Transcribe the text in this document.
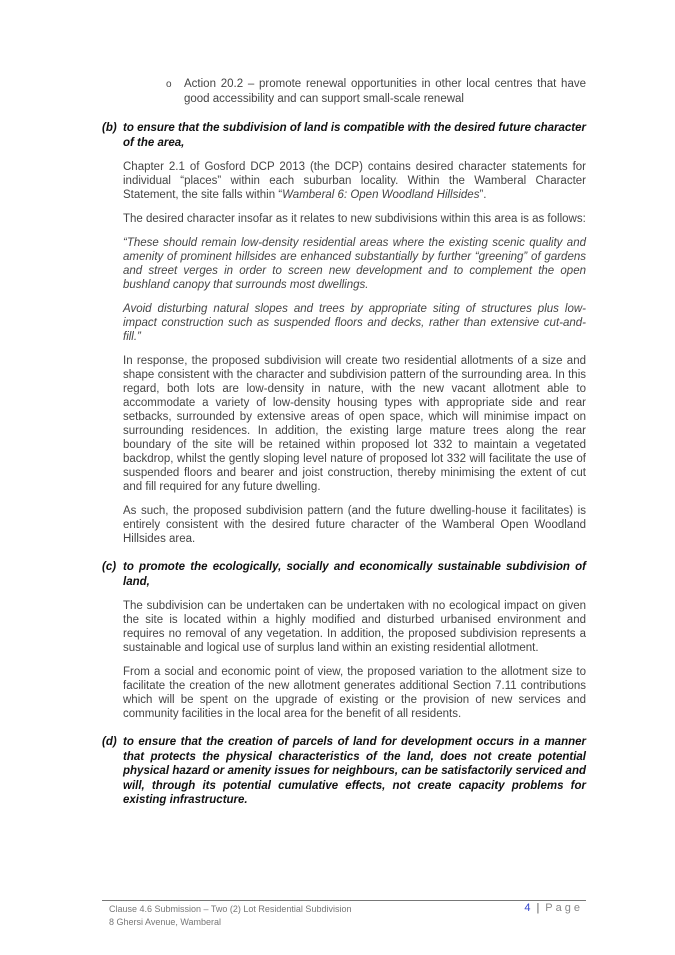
o	Action 20.2 – promote renewal opportunities in other local centres that have good accessibility and can support small-scale renewal
(b) to ensure that the subdivision of land is compatible with the desired future character of the area,

Chapter 2.1 of Gosford DCP 2013 (the DCP) contains desired character statements for individual “places” within each suburban locality. Within the Wamberal Character Statement, the site falls within “Wamberal 6: Open Woodland Hillsides”.

The desired character insofar as it relates to new subdivisions within this area is as follows:

“These should remain low-density residential areas where the existing scenic quality and amenity of prominent hillsides are enhanced substantially by further “greening” of gardens and street verges in order to screen new development and to complement the open bushland canopy that surrounds most dwellings.

Avoid disturbing natural slopes and trees by appropriate siting of structures plus low-impact construction such as suspended floors and decks, rather than extensive cut-and-fill.”

In response, the proposed subdivision will create two residential allotments of a size and shape consistent with the character and subdivision pattern of the surrounding area. In this regard, both lots are low-density in nature, with the new vacant allotment able to accommodate a variety of low-density housing types with appropriate side and rear setbacks, surrounded by extensive areas of open space, which will minimise impact on surrounding residences. In addition, the existing large mature trees along the rear boundary of the site will be retained within proposed lot 332 to maintain a vegetated backdrop, whilst the gently sloping level nature of proposed lot 332 will facilitate the use of suspended floors and bearer and joist construction, thereby minimising the extent of cut and fill required for any future dwelling.

As such, the proposed subdivision pattern (and the future dwelling-house it facilitates) is entirely consistent with the desired future character of the Wamberal Open Woodland Hillsides area.

(c) to promote the ecologically, socially and economically sustainable subdivision of land,

The subdivision can be undertaken can be undertaken with no ecological impact on given the site is located within a highly modified and disturbed urbanised environment and requires no removal of any vegetation. In addition, the proposed subdivision represents a sustainable and logical use of surplus land within an existing residential allotment.

From a social and economic point of view, the proposed variation to the allotment size to facilitate the creation of the new allotment generates additional Section 7.11 contributions which will be spent on the upgrade of existing or the provision of new services and community facilities in the local area for the benefit of all residents.

(d) to ensure that the creation of parcels of land for development occurs in a manner that protects the physical characteristics of the land, does not create potential physical hazard or amenity issues for neighbours, can be satisfactorily serviced and will, through its potential cumulative effects, not create capacity problems for existing infrastructure.
Clause 4.6 Submission – Two (2) Lot Residential Subdivision
8 Ghersi Avenue, Wamberal
4 | Page
